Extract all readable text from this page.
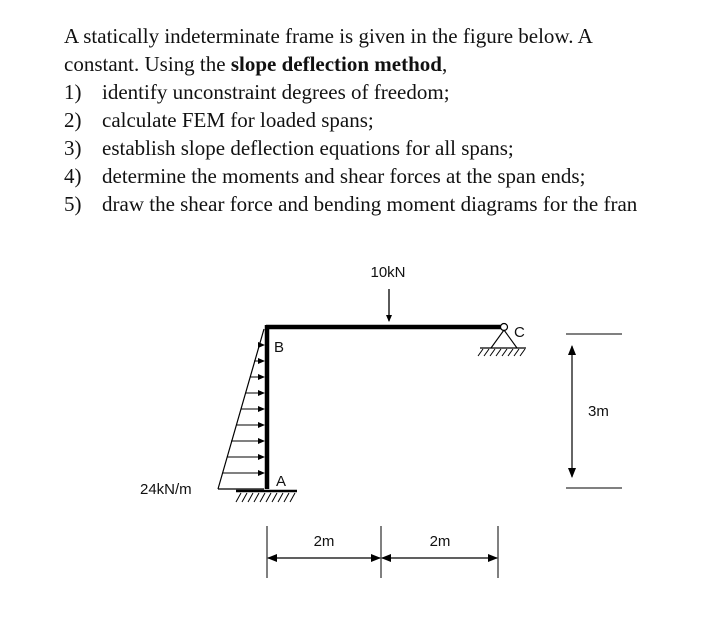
A statically indeterminate frame is given in the figure below. A
constant. Using the slope deflection method,
1) identify unconstraint degrees of freedom;
2) calculate FEM for loaded spans;
3) establish slope deflection equations for all spans;
4) determine the moments and shear forces at the span ends;
5) draw the shear force and bending moment diagrams for the fran
10kN
B
A
C
24kN/m
3m
2m	2m
